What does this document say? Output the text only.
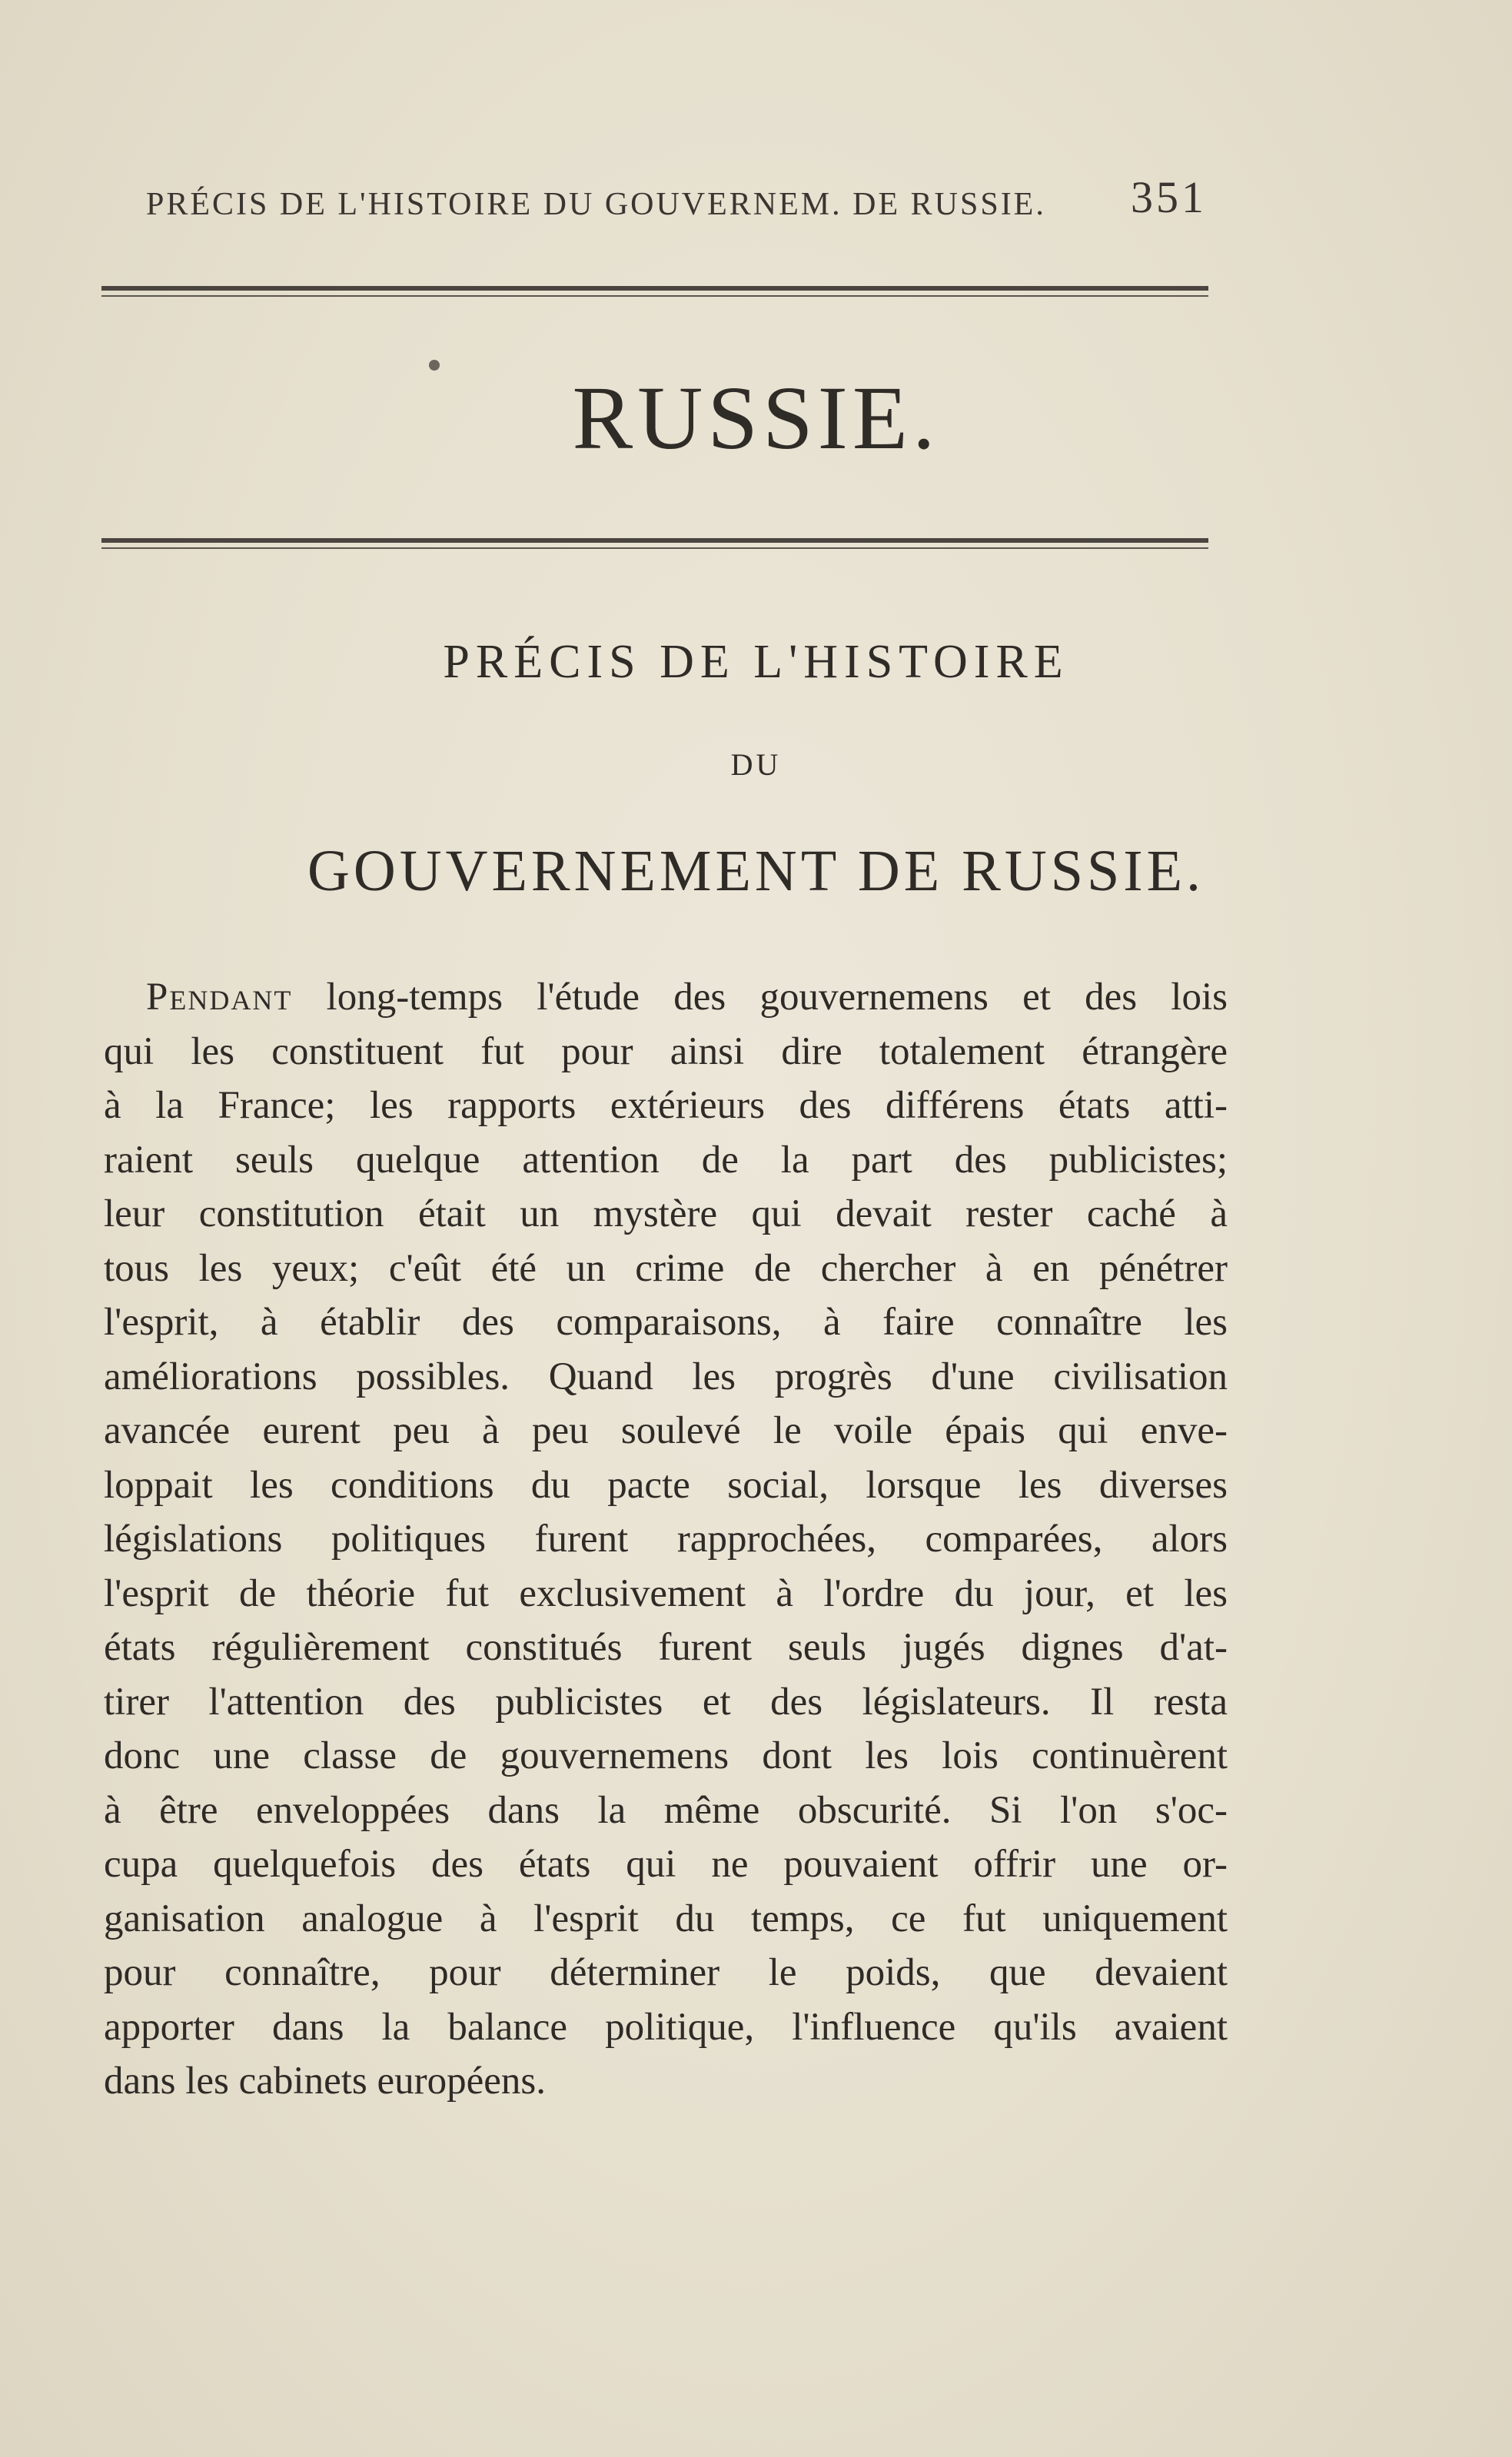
PRÉCIS DE L'HISTOIRE DU GOUVERNEM. DE RUSSIE. 351
RUSSIE.
PRÉCIS DE L'HISTOIRE
DU
GOUVERNEMENT DE RUSSIE.
Pendant long-temps l'étude des gouvernemens et des lois
qui les constituent fut pour ainsi dire totalement étrangère
à la France; les rapports extérieurs des différens états atti-
raient seuls quelque attention de la part des publicistes;
leur constitution était un mystère qui devait rester caché à
tous les yeux; c'eût été un crime de chercher à en pénétrer
l'esprit, à établir des comparaisons, à faire connaître les
améliorations possibles. Quand les progrès d'une civilisation
avancée eurent peu à peu soulevé le voile épais qui enve-
loppait les conditions du pacte social, lorsque les diverses
législations politiques furent rapprochées, comparées, alors
l'esprit de théorie fut exclusivement à l'ordre du jour, et les
états régulièrement constitués furent seuls jugés dignes d'at-
tirer l'attention des publicistes et des législateurs. Il resta
donc une classe de gouvernemens dont les lois continuèrent
à être enveloppées dans la même obscurité. Si l'on s'oc-
cupa quelquefois des états qui ne pouvaient offrir une or-
ganisation analogue à l'esprit du temps, ce fut uniquement
pour connaître, pour déterminer le poids, que devaient
apporter dans la balance politique, l'influence qu'ils avaient
dans les cabinets européens.
